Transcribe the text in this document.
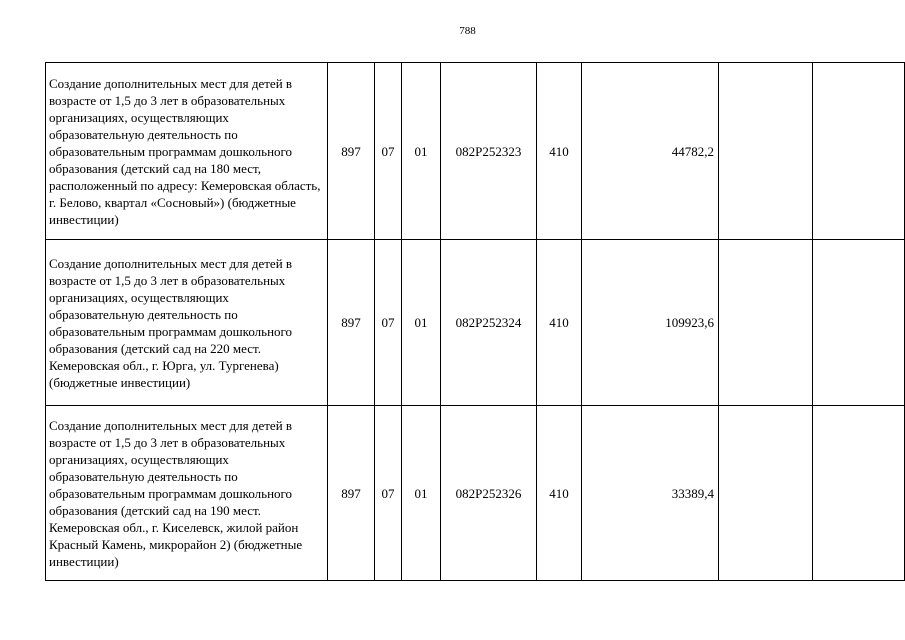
788
Создание дополнительных мест для детей в возрасте от 1,5 до 3 лет в образовательных организациях, осуществляющих образовательную деятельность по образовательным программам дошкольного образования (детский сад на 180 мест, расположенный по адресу: Кемеровская область, г. Белово, квартал «Сосновый») (бюджетные инвестиции)	897	07	01	082P252323	410	44782,2		
Создание дополнительных мест для детей в возрасте от 1,5 до 3 лет в образовательных организациях, осуществляющих образовательную деятельность по образовательным программам дошкольного образования (детский сад на 220 мест. Кемеровская обл., г. Юрга, ул. Тургенева) (бюджетные инвестиции)	897	07	01	082P252324	410	109923,6		
Создание дополнительных мест для детей в возрасте от 1,5 до 3 лет в образовательных организациях, осуществляющих образовательную деятельность по образовательным программам дошкольного образования (детский сад на 190 мест. Кемеровская обл., г. Киселевск, жилой район Красный Камень, микрорайон 2) (бюджетные инвестиции)	897	07	01	082P252326	410	33389,4		
